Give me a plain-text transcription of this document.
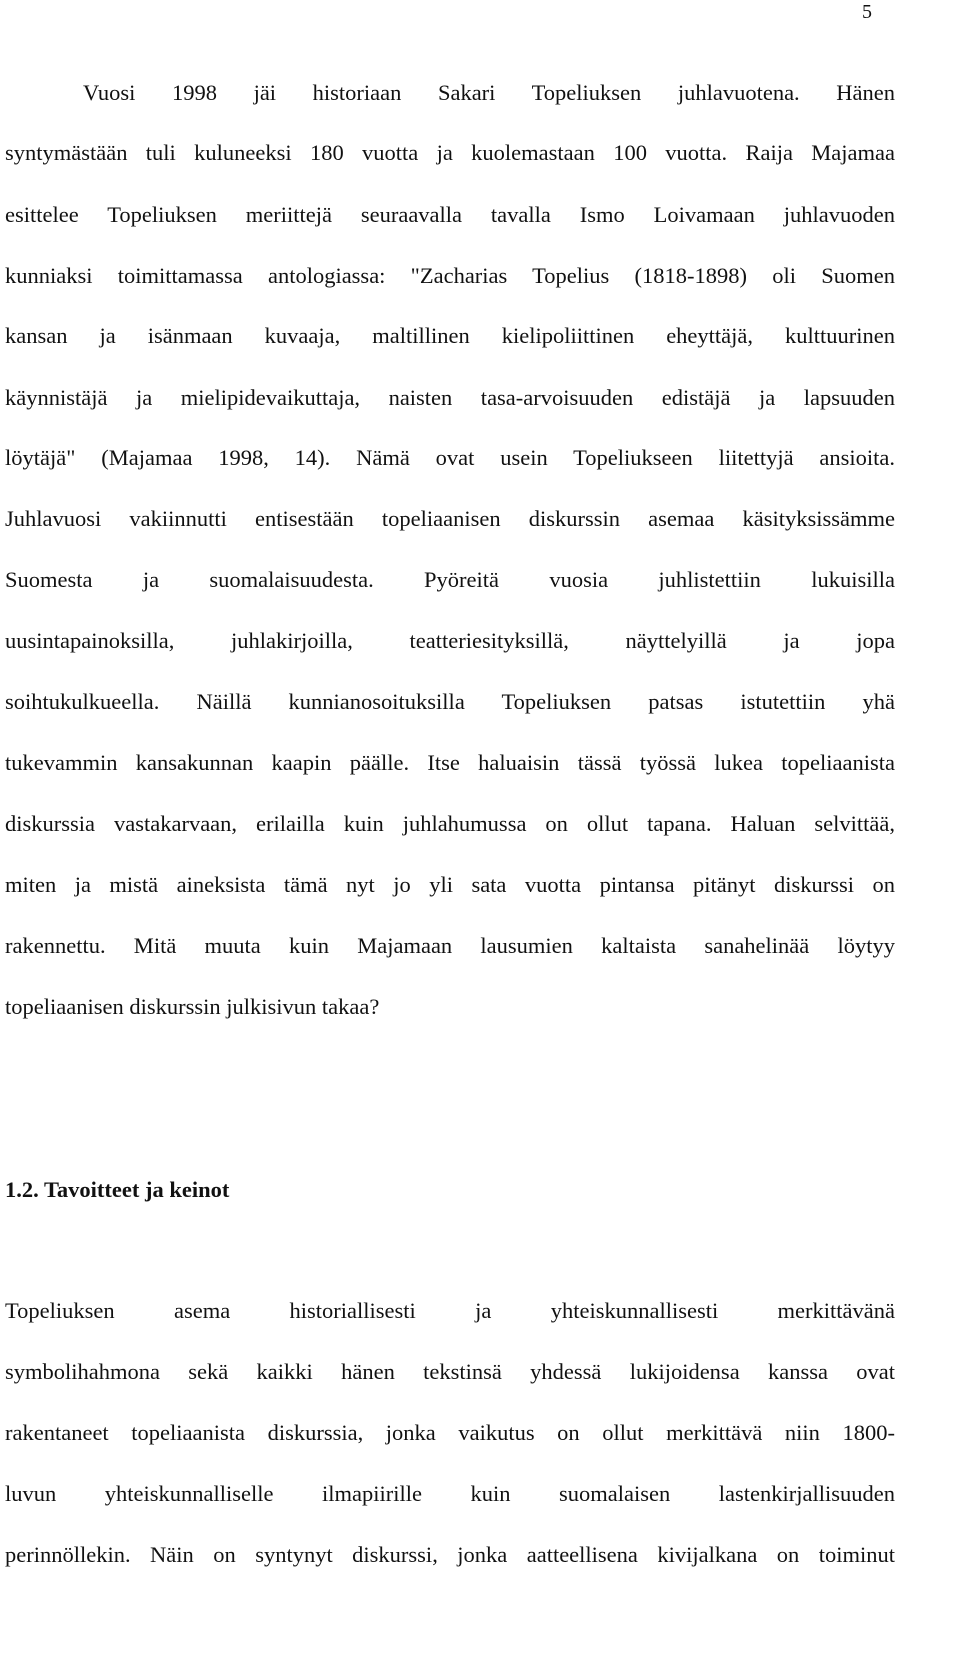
5
Vuosi 1998 jäi historiaan Sakari Topeliuksen juhlavuotena. Hänen
syntymästään tuli kuluneeksi 180 vuotta ja kuolemastaan 100 vuotta. Raija Majamaa
esittelee Topeliuksen meriittejä seuraavalla tavalla Ismo Loivamaan juhlavuoden
kunniaksi toimittamassa antologiassa: "Zacharias Topelius (1818-1898) oli Suomen
kansan ja isänmaan kuvaaja, maltillinen kielipoliittinen eheyttäjä, kulttuurinen
käynnistäjä ja mielipidevaikuttaja, naisten tasa-arvoisuuden edistäjä ja lapsuuden
löytäjä" (Majamaa 1998, 14). Nämä ovat usein Topeliukseen liitettyjä ansioita.
Juhlavuosi vakiinnutti entisestään topeliaanisen diskurssin asemaa käsityksissämme
Suomesta ja suomalaisuudesta. Pyöreitä vuosia juhlistettiin lukuisilla
uusintapainoksilla, juhlakirjoilla, teatteriesityksillä, näyttelyillä ja jopa
soihtukulkueella. Näillä kunnianosoituksilla Topeliuksen patsas istutettiin yhä
tukevammin kansakunnan kaapin päälle. Itse haluaisin tässä työssä lukea topeliaanista
diskurssia vastakarvaan, erilailla kuin juhlahumussa on ollut tapana. Haluan selvittää,
miten ja mistä aineksista tämä nyt jo yli sata vuotta pintansa pitänyt diskurssi on
rakennettu. Mitä muuta kuin Majamaan lausumien kaltaista sanahelinää löytyy
topeliaanisen diskurssin julkisivun takaa?
1.2. Tavoitteet ja keinot
Topeliuksen asema historiallisesti ja yhteiskunnallisesti merkittävänä
symbolihahmona sekä kaikki hänen tekstinsä yhdessä lukijoidensa kanssa ovat
rakentaneet topeliaanista diskurssia, jonka vaikutus on ollut merkittävä niin 1800-
luvun yhteiskunnalliselle ilmapiirille kuin suomalaisen lastenkirjallisuuden
perinnöllekin. Näin on syntynyt diskurssi, jonka aatteellisena kivijalkana on toiminut
